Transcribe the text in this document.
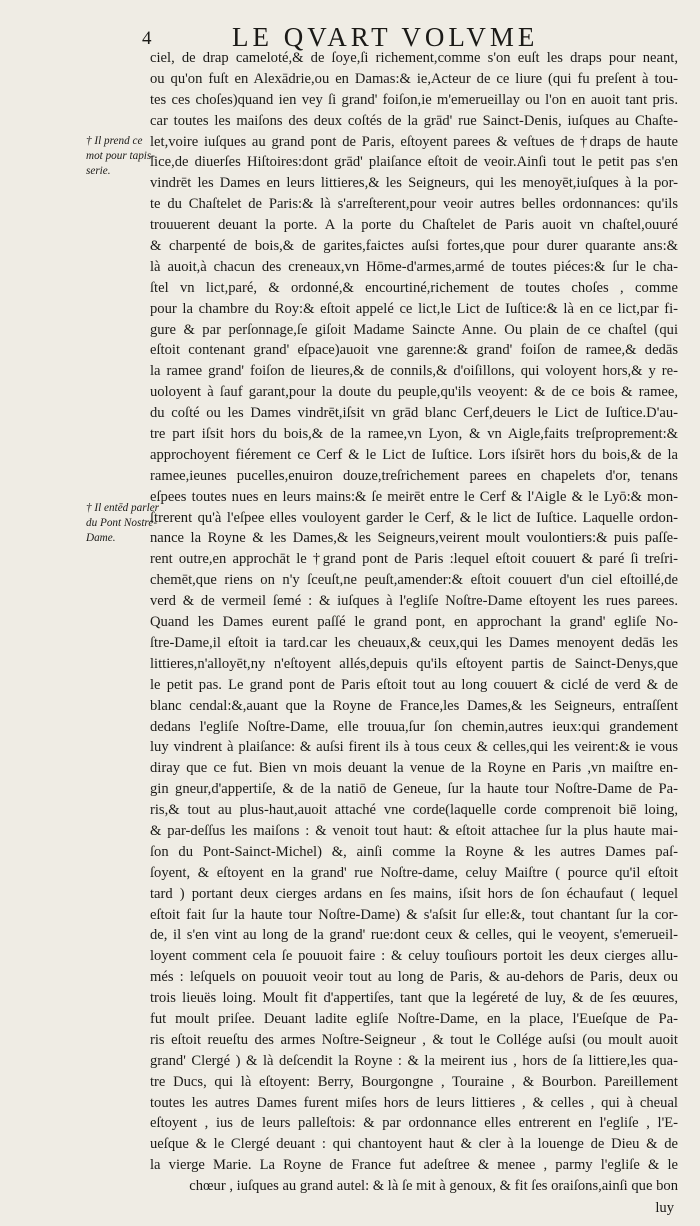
4	LE QVART VOLVME
† Il prend ce
mot pour tapis-
serie.
† Il entēd parler
du Pont Nostre-
Dame.
ciel, de drap cameloté,& de ſoye,ſi richement,comme s'on euſt les draps pour neant,
ou qu'on fuſt en Alexādrie,ou en Damas:& ie,Acteur de ce liure (qui fu preſent à tou-
tes ces choſes)quand ien vey ſi grand' foiſon,ie m'emerueillay ou l'on en auoit tant pris.
car toutes les maiſons des deux coſtés de la grād' rue Sainct-Denis, iuſques au Chaſte-
let,voire iuſques au grand pont de Paris, eſtoyent parees & veſtues de †draps de haute
lice,de diuerſes Hiſtoires:dont grād' plaiſance eſtoit de veoir.Ainſi tout le petit pas s'en
vindrēt les Dames en leurs littieres,& les Seigneurs, qui les menoyēt,iuſques à la por-
te du Chaſtelet de Paris:& là s'arreſterent,pour veoir autres belles ordonnances: qu'ils
trouuerent deuant la porte. A la porte du Chaſtelet de Paris auoit vn chaſtel,ouuré
& charpenté de bois,& de garites,faictes auſsi fortes,que pour durer quarante ans:&
là auoit,à chacun des creneaux,vn Hōme-d'armes,armé de toutes piéces:& ſur le cha-
ſtel vn lict,paré, & ordonné,& encourtiné,richement de toutes choſes , comme
pour la chambre du Roy:& eſtoit appelé ce lict,le Lict de Iuſtice:& là en ce lict,par fi-
gure & par perſonnage,ſe giſoit Madame Saincte Anne. Ou plain de ce chaſtel (qui
eſtoit contenant grand' eſpace)auoit vne garenne:& grand' foiſon de ramee,& dedās
la ramee grand' foiſon de lieures,& de connils,& d'oiſillons, qui voloyent hors,& y re-
uoloyent à ſauf garant,pour la doute du peuple,qu'ils veoyent: & de ce bois & ramee,
du coſté ou les Dames vindrēt,iſsit vn grād blanc Cerf,deuers le Lict de Iuſtice.D'au-
tre part iſsit hors du bois,& de la ramee,vn Lyon, & vn Aigle,faits treſproprement:&
approchoyent fiérement ce Cerf & le Lict de Iuſtice. Lors iſsirēt hors du bois,& de la
ramee,ieunes pucelles,enuiron douze,treſrichement parees en chapelets d'or, tenans
eſpees toutes nues en leurs mains:& ſe meirēt entre le Cerf & l'Aigle & le Lyō:& mon-
ſtrerent qu'à l'eſpee elles vouloyent garder le Cerf, & le lict de Iuſtice. Laquelle ordon-
nance la Royne & les Dames,& les Seigneurs,veirent moult voulontiers:& puis paſſe-
rent outre,en approchāt le †grand pont de Paris :lequel eſtoit couuert & paré ſi treſri-
chemēt,que riens on n'y ſceuſt,ne peuſt,amender:& eſtoit couuert d'un ciel eſtoillé,de
verd & de vermeil ſemé : & iuſques à l'egliſe Noſtre-Dame eſtoyent les rues parees.
Quand les Dames eurent paſſé le grand pont, en approchant la grand' egliſe No-
ſtre-Dame,il eſtoit ia tard.car les cheuaux,& ceux,qui les Dames menoyent dedās les
littieres,n'alloyēt,ny n'eſtoyent allés,depuis qu'ils eſtoyent partis de Sainct-Denys,que
le petit pas. Le grand pont de Paris eſtoit tout au long couuert & ciclé de verd & de
blanc cendal:&,auant que la Royne de France,les Dames,& les Seigneurs, entraſſent
dedans l'egliſe Noſtre-Dame, elle trouua,ſur ſon chemin,autres ieux:qui grandement
luy vindrent à plaiſance: & auſsi firent ils à tous ceux & celles,qui les veirent:& ie vous
diray que ce fut. Bien vn mois deuant la venue de la Royne en Paris ,vn maiſtre en-
gin gneur,d'appertiſe, & de la natiō de Geneue, ſur la haute tour Noſtre-Dame de Pa-
ris,& tout au plus-haut,auoit attaché vne corde(laquelle corde comprenoit biē loing,
& par-deſſus les maiſons : & venoit tout haut: & eſtoit attachee ſur la plus haute mai-
ſon du Pont-Sainct-Michel) &, ainſi comme la Royne & les autres Dames paſ-
ſoyent, & eſtoyent en la grand' rue Noſtre-dame, celuy Maiſtre ( pource qu'il eſtoit
tard ) portant deux cierges ardans en ſes mains, iſsit hors de ſon échaufaut ( lequel
eſtoit fait ſur la haute tour Noſtre-Dame) & s'aſsit ſur elle:&, tout chantant ſur la cor-
de, il s'en vint au long de la grand' rue:dont ceux & celles, qui le veoyent, s'emerueil-
loyent comment cela ſe pouuoit faire : & celuy touſiours portoit les deux cierges allu-
més : leſquels on pouuoit veoir tout au long de Paris, & au-dehors de Paris, deux ou
trois lieuës loing. Moult fit d'appertiſes, tant que la legéreté de luy, & de ſes œuures,
fut moult priſee. Deuant ladite egliſe Noſtre-Dame, en la place, l'Eueſque de Pa-
ris eſtoit reueſtu des armes Noſtre-Seigneur , & tout le Collége auſsi (ou moult auoit
grand' Clergé ) & là deſcendit la Royne : & la meirent ius , hors de ſa littiere,les qua-
tre Ducs, qui là eſtoyent: Berry, Bourgongne , Touraine , & Bourbon. Pareillement
toutes les autres Dames furent miſes hors de leurs littieres , & celles , qui à cheual
eſtoyent , ius de leurs palleſtois: & par ordonnance elles entrerent en l'egliſe , l'E-
ueſque & le Clergé deuant : qui chantoyent haut & cler à la louenge de Dieu & de
la vierge Marie. La Royne de France fut adeſtree & menee , parmy l'egliſe & le
chœur , iuſques au grand autel: & là ſe mit à genoux, & fit ſes oraiſons,ainſi que bon
luy
